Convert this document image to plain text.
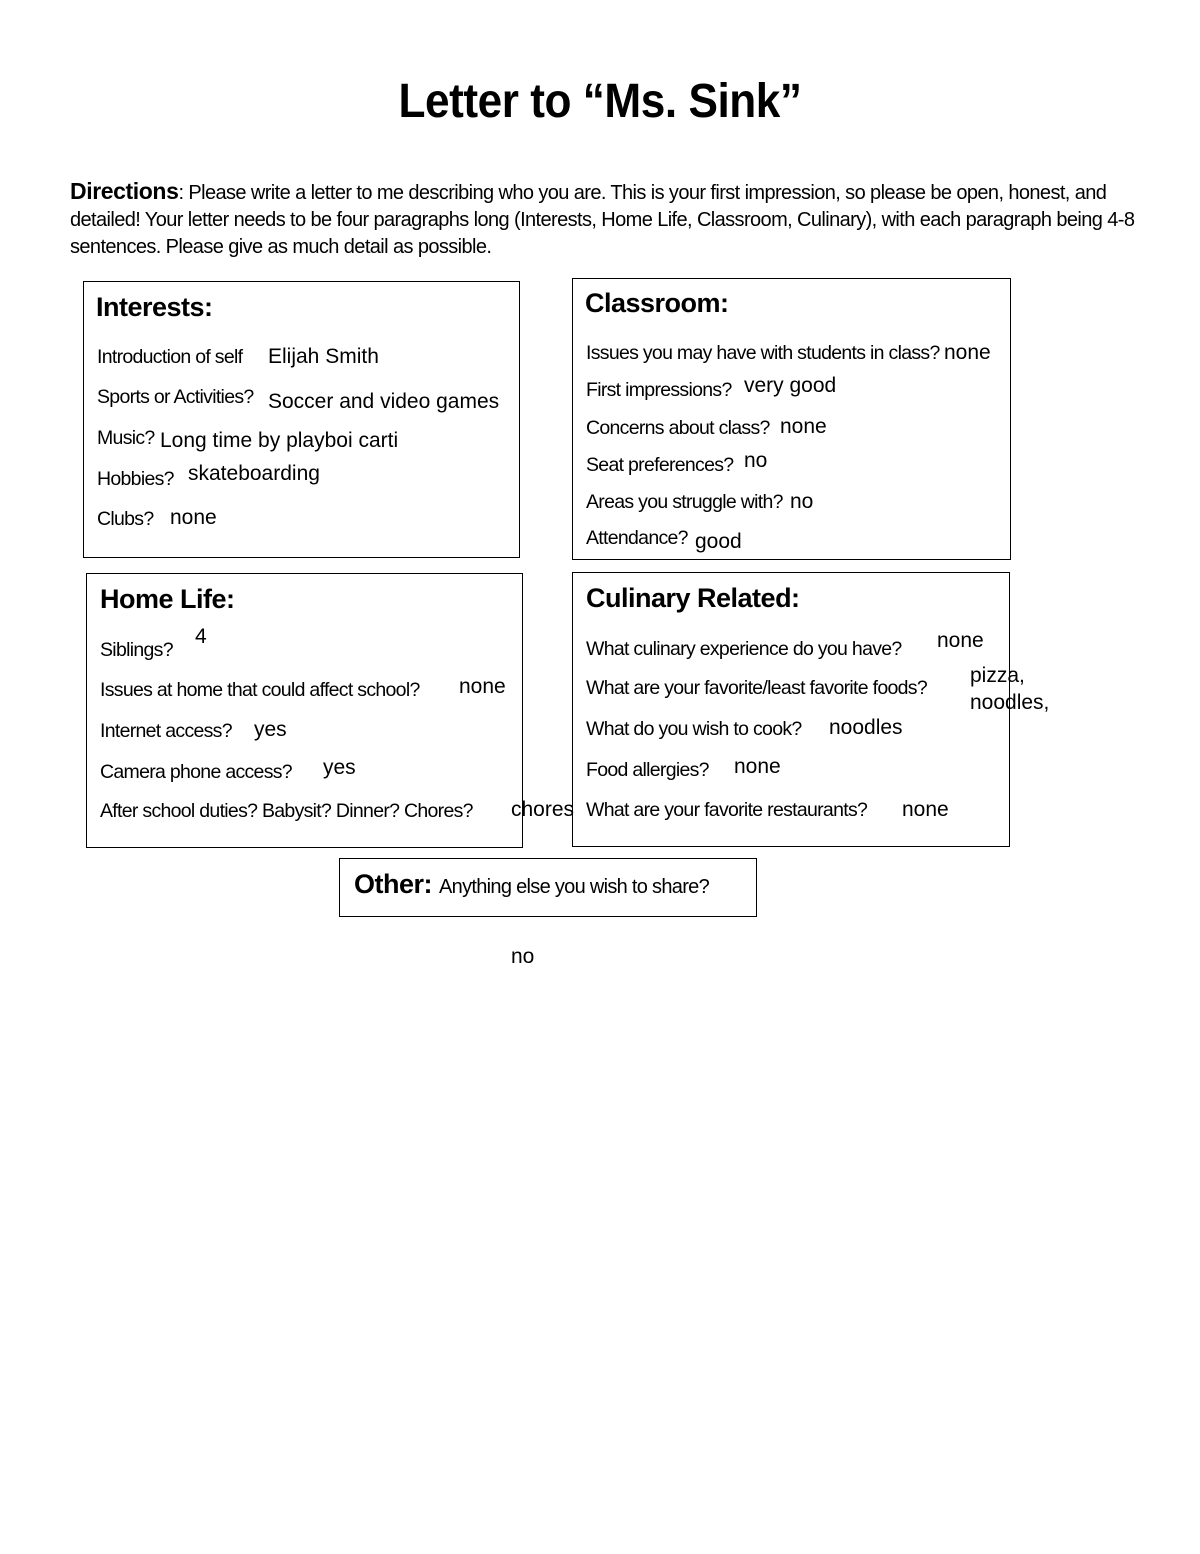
Letter to “Ms. Sink”
Directions: Please write a letter to me describing who you are. This is your first impression, so please be open, honest, and detailed! Your letter needs to be four paragraphs long (Interests, Home Life, Classroom, Culinary), with each paragraph being 4-8 sentences. Please give as much detail as possible.
Interests:
Introduction of self Elijah Smith
Sports or Activities? Soccer and video games
Music? Long time by playboi carti
Hobbies? skateboarding
Clubs? none
Classroom:
Issues you may have with students in class? none
First impressions? very good
Concerns about class? none
Seat preferences? no
Areas you struggle with? no
Attendance? good
Home Life:
Siblings?
4
Issues at home that could affect school? none
Internet access? yes
Camera phone access? yes
After school duties? Babysit? Dinner? Chores? chores
Culinary Related:
What culinary experience do you have? none
What are your favorite/least favorite foods?
pizza,
noodles,
What do you wish to cook? noodles
Food allergies? none
What are your favorite restaurants? none
Other: Anything else you wish to share?
no
